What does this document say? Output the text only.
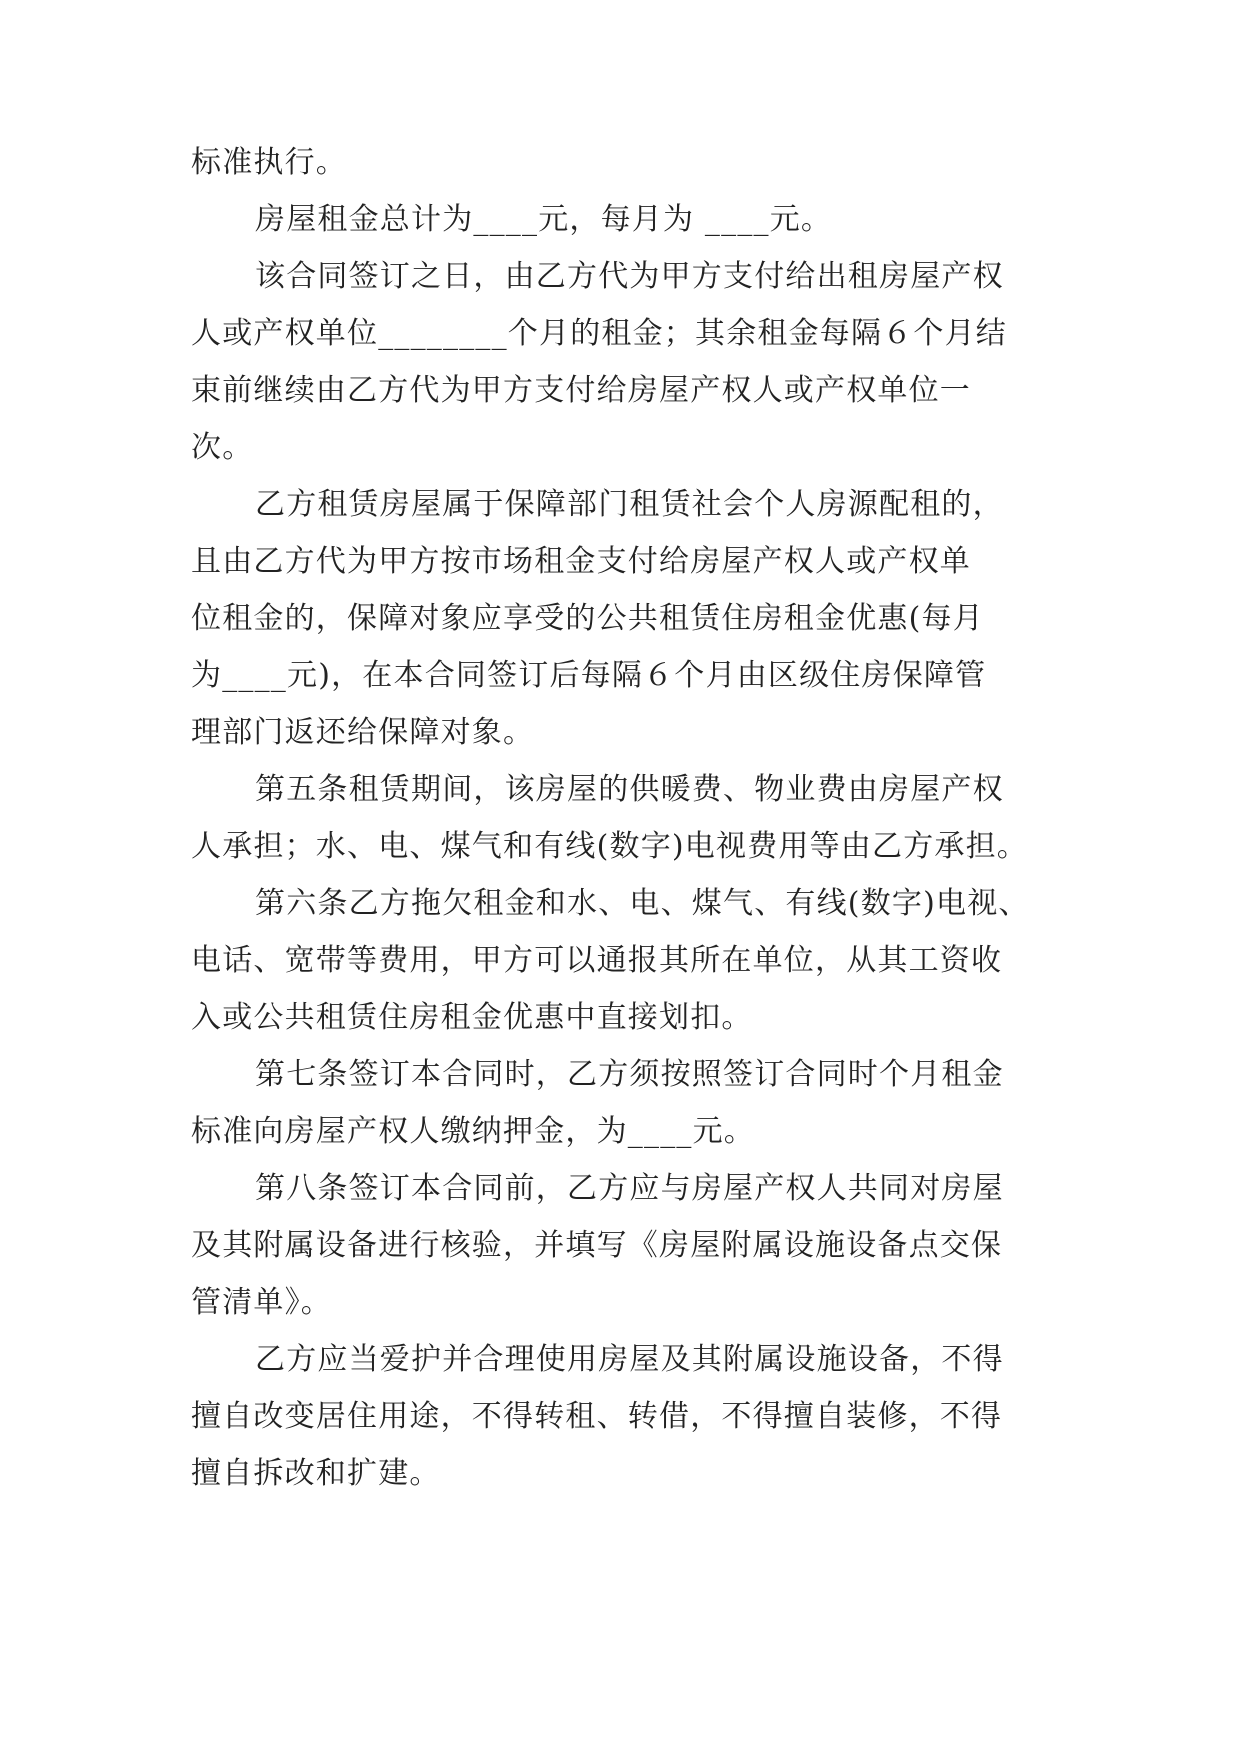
标准执行。
房屋租金总计为____元，每月为 ____元。
该合同签订之日，由乙方代为甲方支付给出租房屋产权
人或产权单位________个月的租金；其余租金每隔６个月结
束前继续由乙方代为甲方支付给房屋产权人或产权单位一
次。
乙方租赁房屋属于保障部门租赁社会个人房源配租的，
且由乙方代为甲方按市场租金支付给房屋产权人或产权单
位租金的，保障对象应享受的公共租赁住房租金优惠(每月
为____元)，在本合同签订后每隔６个月由区级住房保障管
理部门返还给保障对象。
第五条租赁期间，该房屋的供暖费、物业费由房屋产权
人承担；水、电、煤气和有线(数字)电视费用等由乙方承担。
第六条乙方拖欠租金和水、电、煤气、有线(数字)电视、
电话、宽带等费用，甲方可以通报其所在单位，从其工资收
入或公共租赁住房租金优惠中直接划扣。
第七条签订本合同时，乙方须按照签订合同时个月租金
标准向房屋产权人缴纳押金，为____元。
第八条签订本合同前，乙方应与房屋产权人共同对房屋
及其附属设备进行核验，并填写《房屋附属设施设备点交保
管清单》。
乙方应当爱护并合理使用房屋及其附属设施设备，不得
擅自改变居住用途，不得转租、转借，不得擅自装修，不得
擅自拆改和扩建。
